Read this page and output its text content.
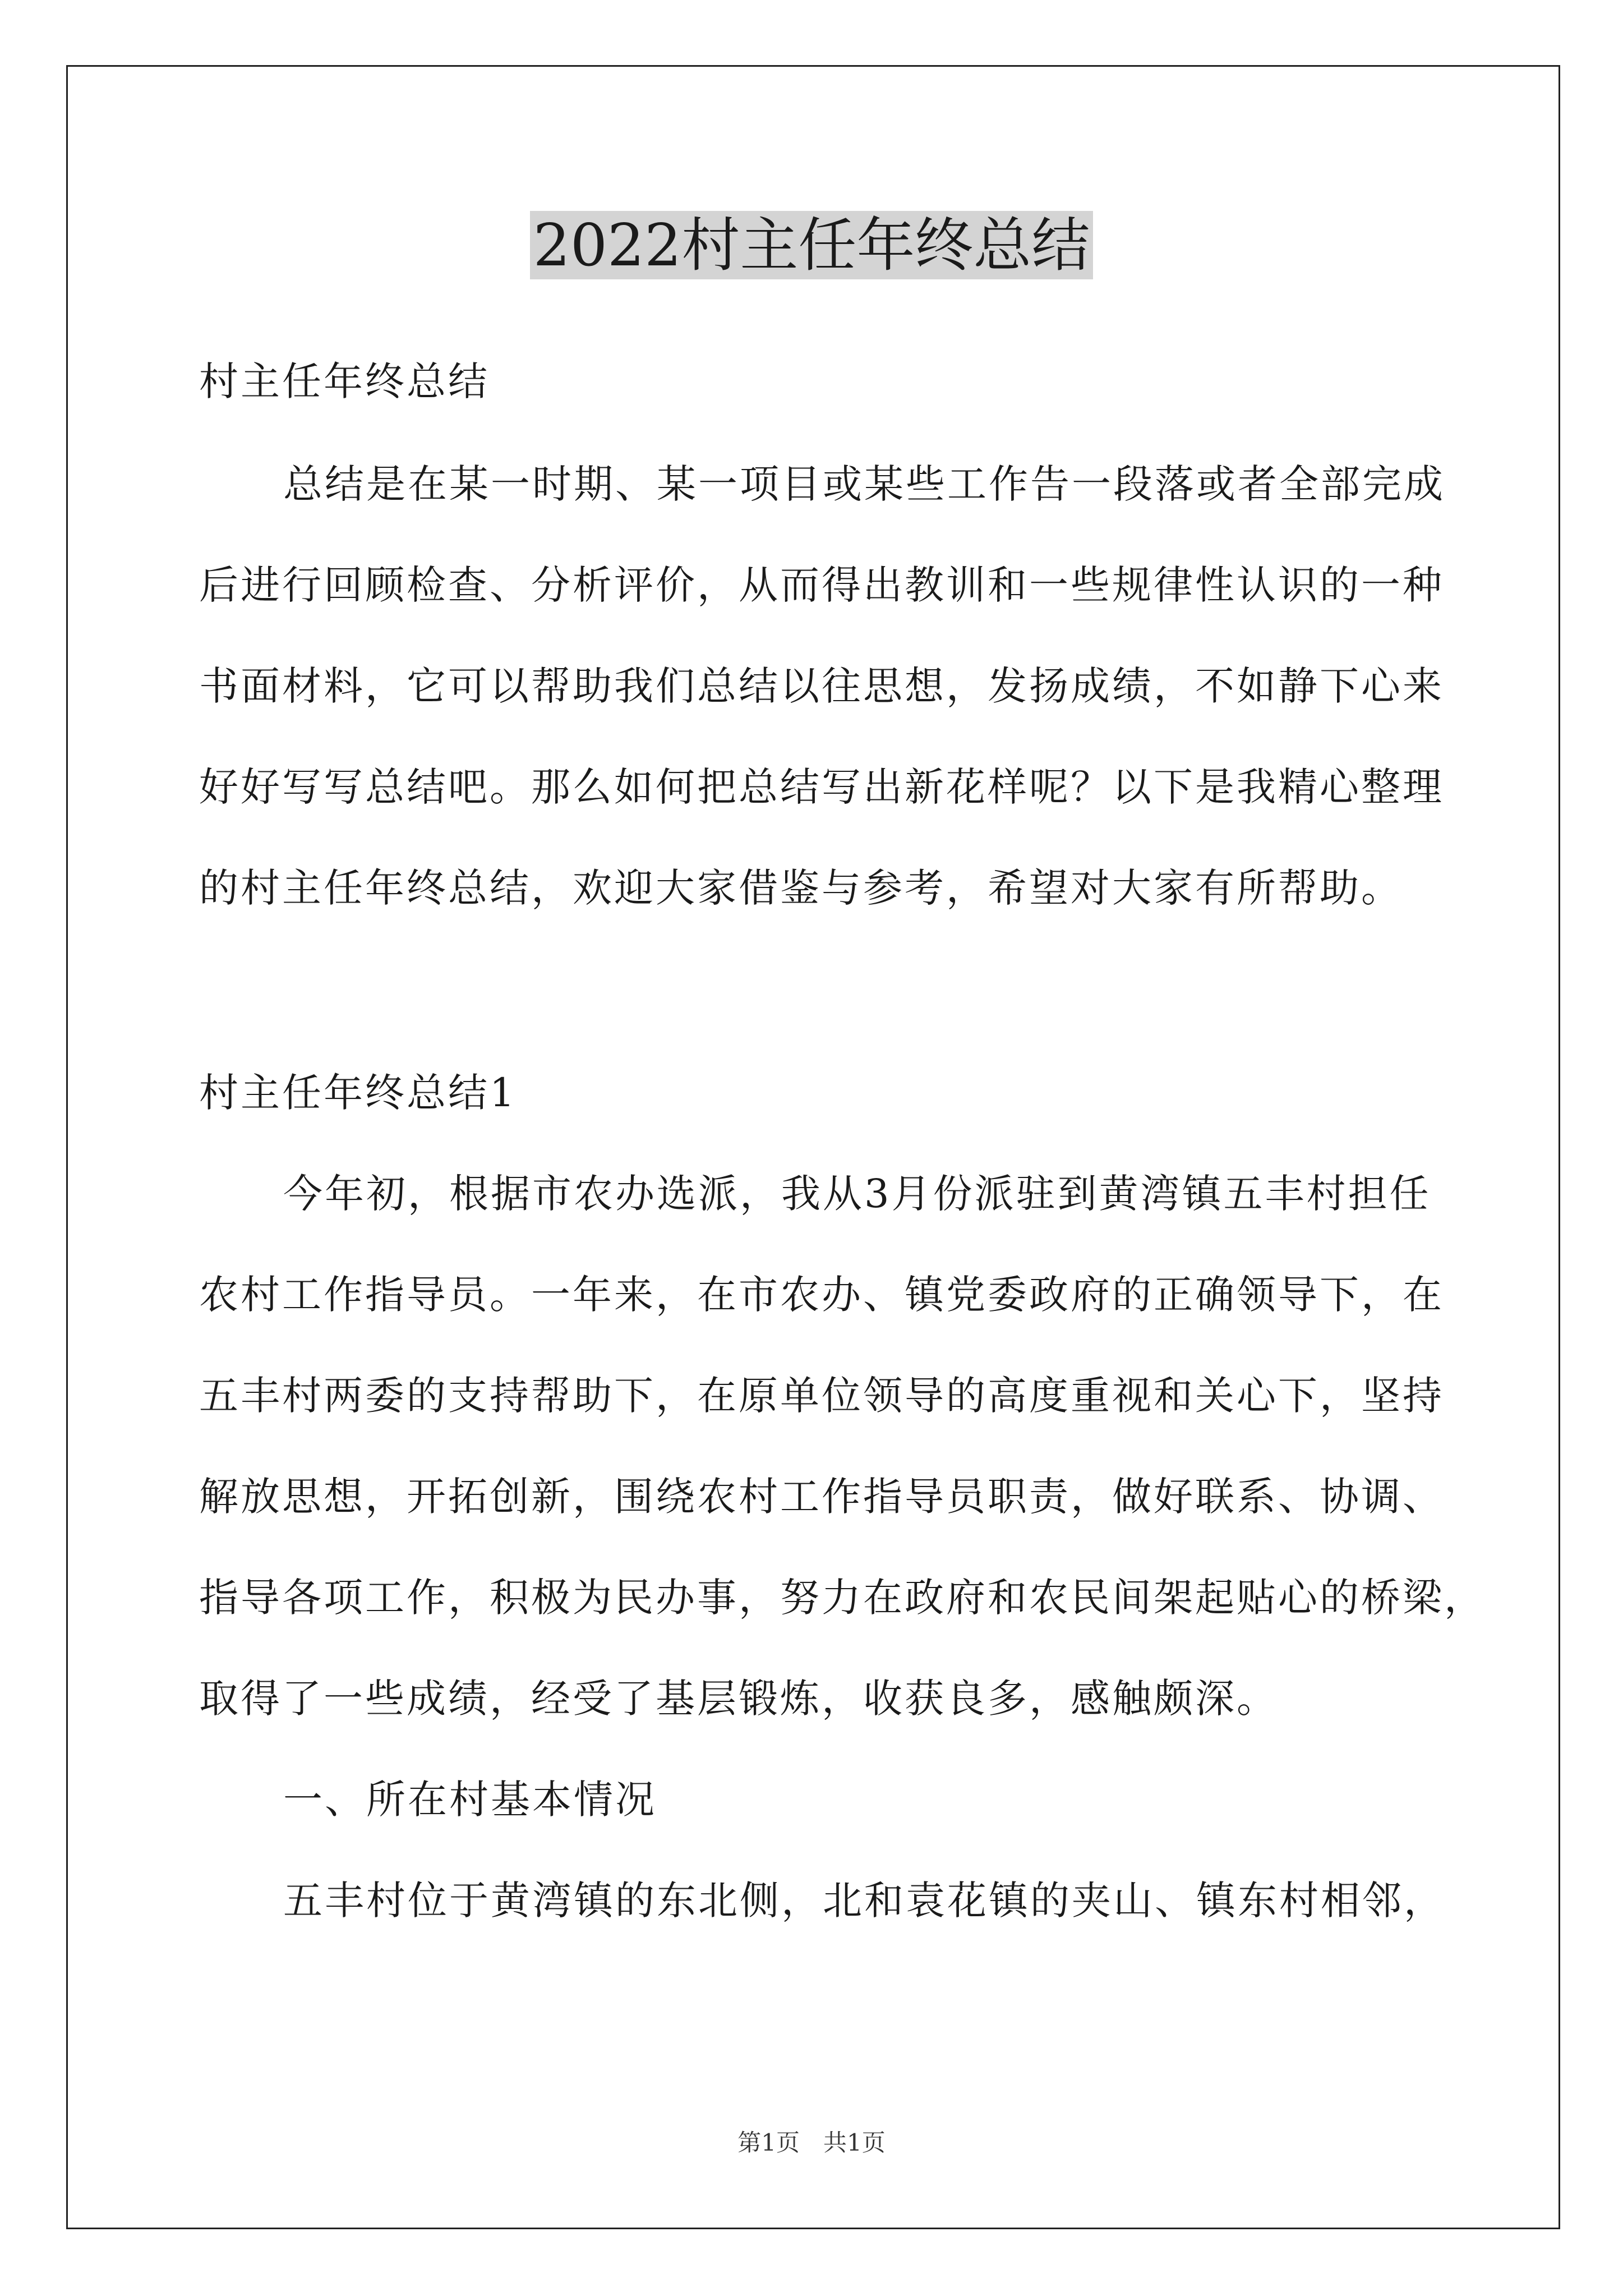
2022村主任年终总结
村主任年终总结
总结是在某一时期、某一项目或某些工作告一段落或者全部完成
后进行回顾检查、分析评价，从而得出教训和一些规律性认识的一种
书面材料，它可以帮助我们总结以往思想，发扬成绩，不如静下心来
好好写写总结吧。那么如何把总结写出新花样呢？以下是我精心整理
的村主任年终总结，欢迎大家借鉴与参考，希望对大家有所帮助。
村主任年终总结1
今年初，根据市农办选派，我从3月份派驻到黄湾镇五丰村担任
农村工作指导员。一年来，在市农办、镇党委政府的正确领导下，在
五丰村两委的支持帮助下，在原单位领导的高度重视和关心下，坚持
解放思想，开拓创新，围绕农村工作指导员职责，做好联系、协调、
指导各项工作，积极为民办事，努力在政府和农民间架起贴心的桥梁，
取得了一些成绩，经受了基层锻炼，收获良多，感触颇深。
一、所在村基本情况
五丰村位于黄湾镇的东北侧，北和袁花镇的夹山、镇东村相邻，
第1页　共1页
